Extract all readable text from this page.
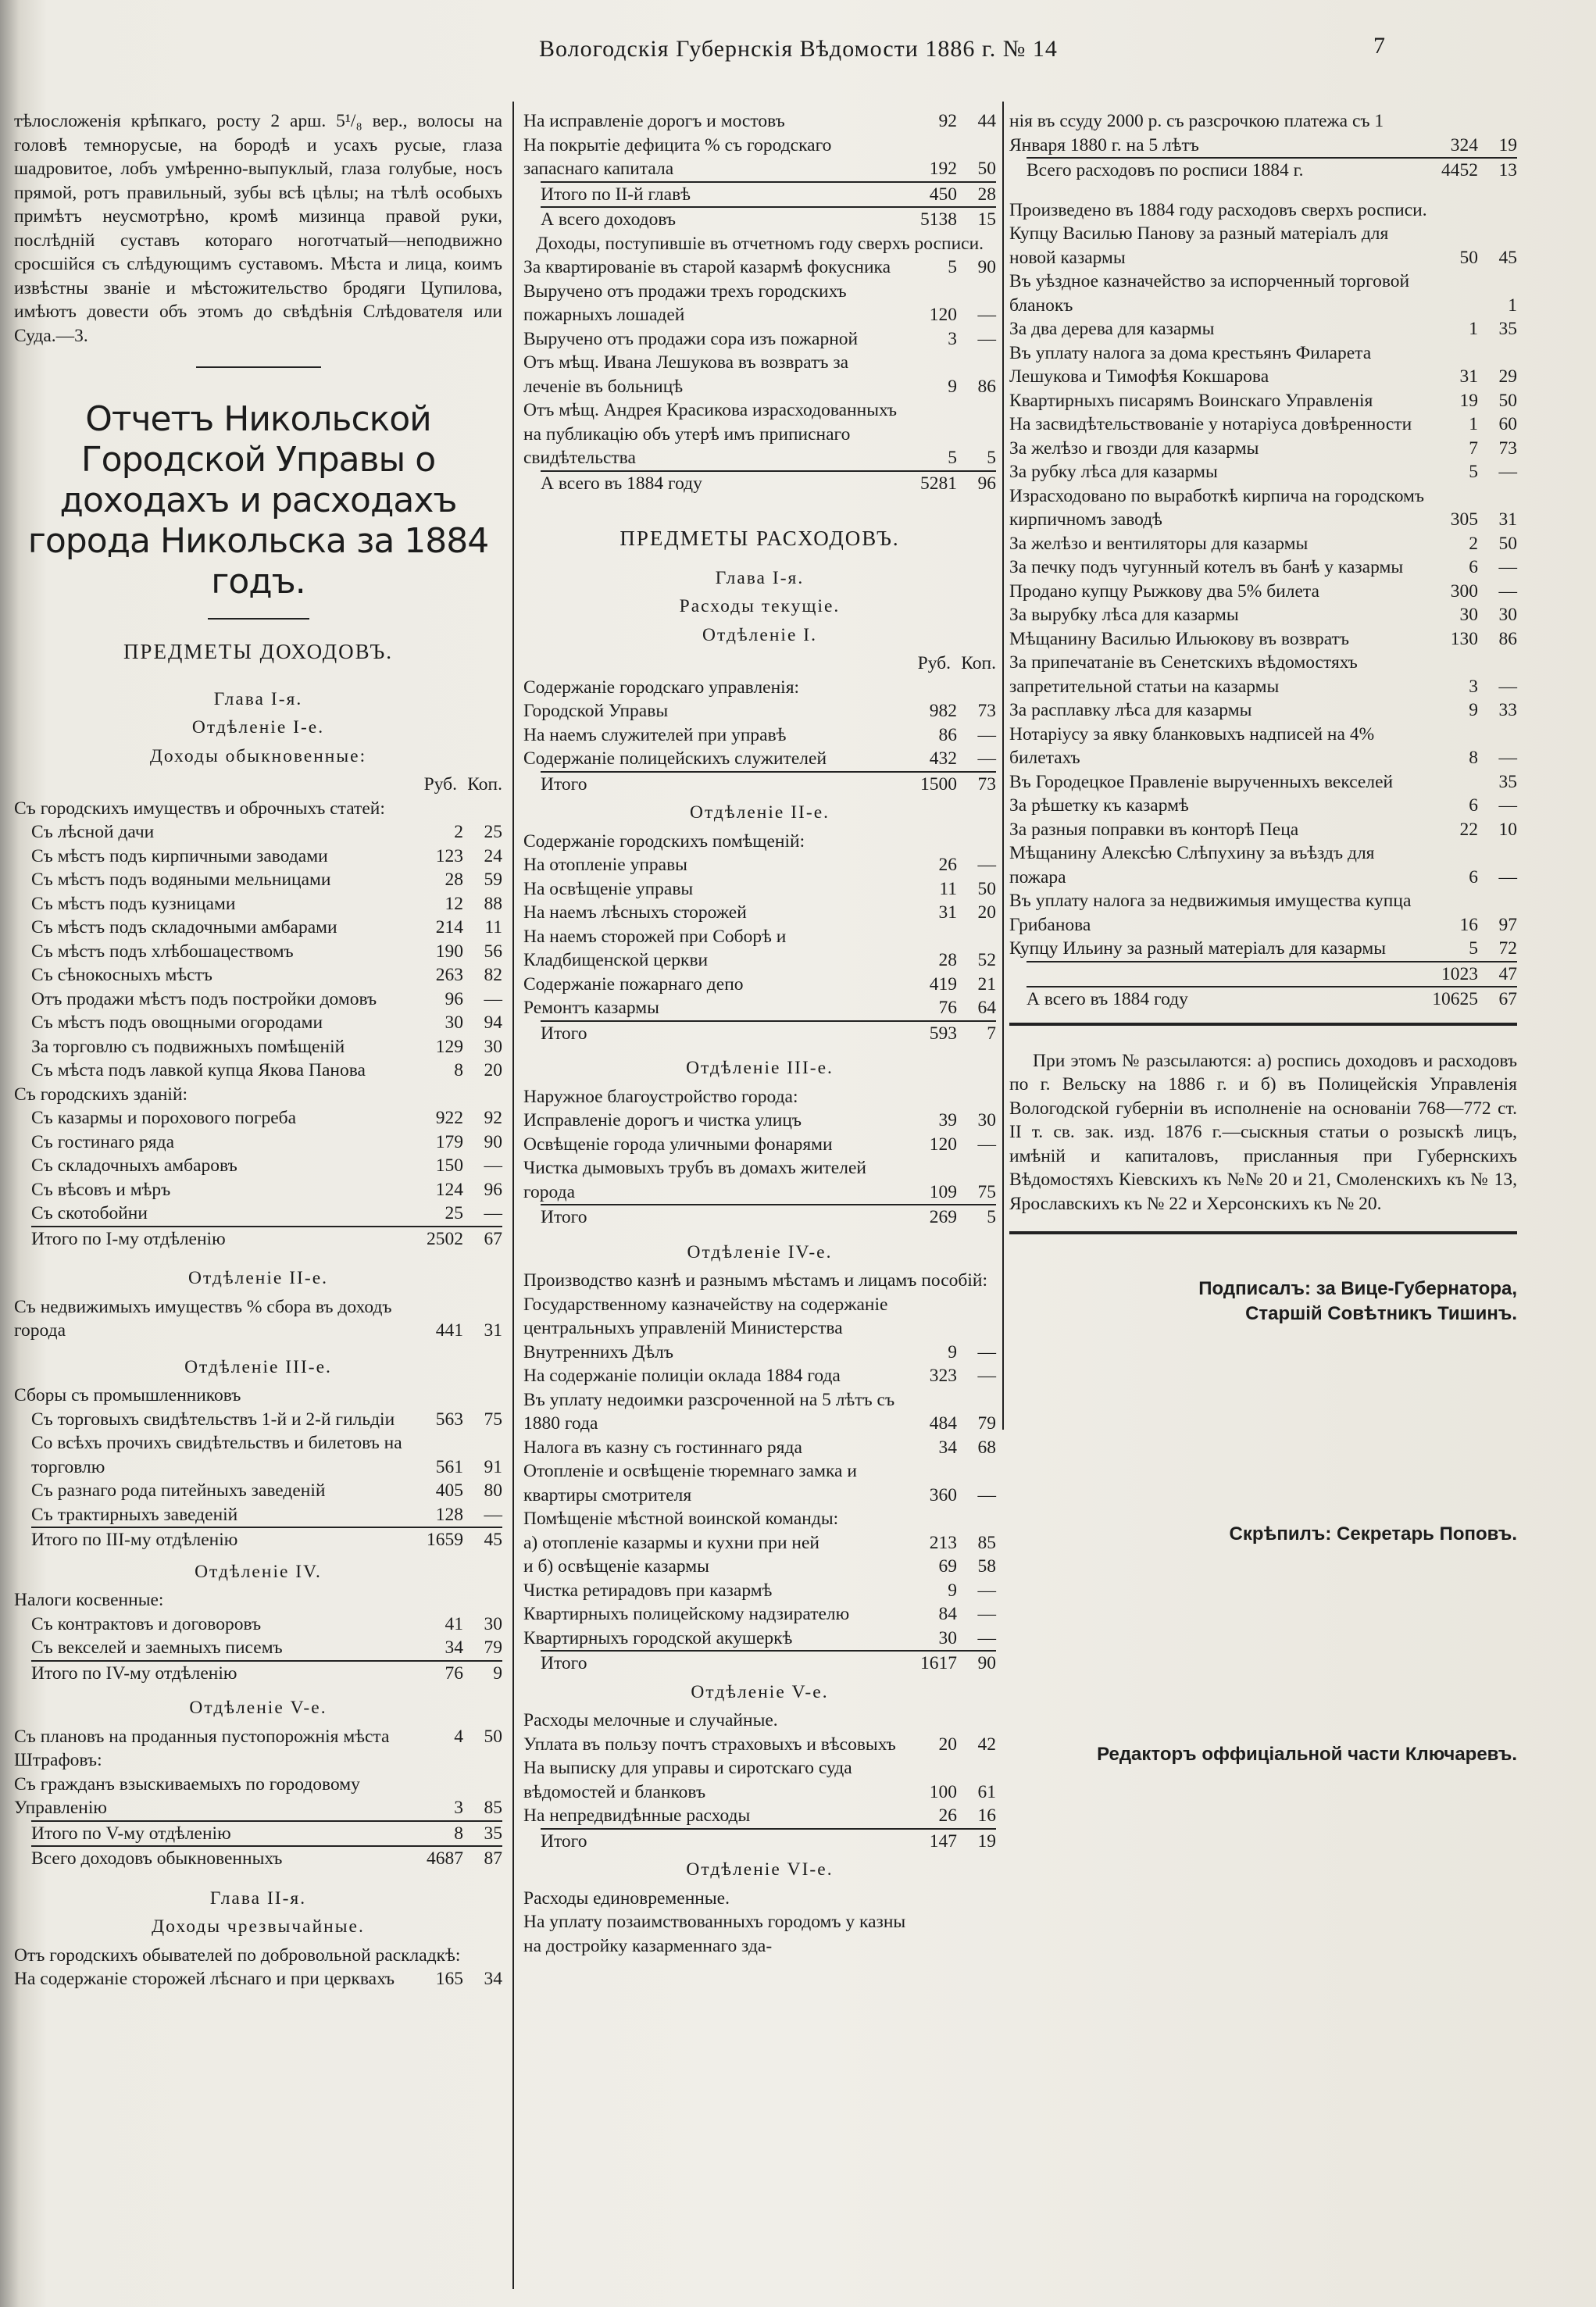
Вологодскія Губернскія Вѣдомости 1886 г. № 14	7

тѣлосложенія крѣпкаго, росту 2 арш. 5¹/₈ вер., волосы на головѣ темнорусые, на бородѣ и усахъ русые, глаза шадровитое, лобъ умѣренно-выпуклый, глаза голубые, носъ прямой, ротъ правильный, зубы всѣ цѣлы; на тѣлѣ особыхъ примѣтъ неусмотрѣно, кромѣ мизинца правой руки, послѣдній суставъ котораго ноготчатый—неподвижно сросшійся съ слѣдующимъ суставомъ. Мѣста и лица, коимъ извѣстны званіе и мѣстожительство бродяги Цупилова, имѣютъ довести объ этомъ до свѣдѣнія Слѣдователя или Суда.—3.

Отчетъ Никольской Городской Управы о доходахъ и расходахъ города Никольска за 1884 годъ.
ПРЕДМЕТЫ ДОХОДОВЪ.
Глава I-я.
Отдѣленіе I-е.
Доходы обыкновенные:
Руб. Коп.
Съ городскихъ имуществъ и оброчныхъ статей:
Съ лѣсной дачи	2	25
Съ мѣстъ подъ кирпичными заводами	123	24
Съ мѣстъ подъ водяными мельницами	28	59
Съ мѣстъ подъ кузницами	12	88
Съ мѣстъ подъ складочными амбарами	214	11
Съ мѣстъ подъ хлѣбошацествомъ	190	56
Съ сѣнокосныхъ мѣстъ	263	82
Отъ продажи мѣстъ подъ постройки домовъ	96	—
Съ мѣстъ подъ овощными огородами	30	94
За торговлю съ подвижныхъ помѣщеній	129	30
Съ мѣста подъ лавкой купца Якова Панова	8	20
Съ городскихъ зданій:
Съ казармы и порохового погреба	922	92
Съ гостинаго ряда	179	90
Съ складочныхъ амбаровъ	150	—
Съ вѣсовъ и мѣръ	124	96
Съ скотобойни	25	—
Итого по I-му отдѣленію	2502	67
Отдѣленіе II-е.
Съ недвижимыхъ имуществъ % сбора въ доходъ города	441	31
Отдѣленіе III-е.
Сборы съ промышленниковъ
Съ торговыхъ свидѣтельствъ 1-й и 2-й гильдіи	563	75
Со всѣхъ прочихъ свидѣтельствъ и билетовъ на торговлю	561	91
Съ разнаго рода питейныхъ заведеній	405	80
Съ трактирныхъ заведеній	128	—
Итого по III-му отдѣленію	1659	45
Отдѣленіе IV.
Налоги косвенные:
Съ контрактовъ и договоровъ	41	30
Съ векселей и заемныхъ писемъ	34	79
Итого по IV-му отдѣленію	76	9
Отдѣленіе V-е.
Съ плановъ на проданныя пустопорожнія мѣста	4	50
Штрафовъ:
Съ гражданъ взыскиваемыхъ по городовому Управленію	3	85
Итого по V-му отдѣленію	8	35
Всего доходовъ обыкновенныхъ	4687	87
Глава II-я.
Доходы чрезвычайные.
Отъ городскихъ обывателей по добровольной раскладкѣ:
На содержаніе сторожей лѣснаго и при церквахъ	165	34
На исправленіе дорогъ и мостовъ	92	44
На покрытіе дефицита % съ городскаго запаснаго капитала	192	50
Итого по II-й главѣ	450	28
А всего доходовъ	5138	15
Доходы, поступившіе въ отчетномъ году сверхъ росписи.
За квартированіе въ старой казармѣ фокусника	5	90
Выручено отъ продажи трехъ городскихъ пожарныхъ лошадей	120	—
Выручено отъ продажи сора изъ пожарной	3	—
Отъ мѣщ. Ивана Лешукова въ возвратъ за леченіе въ больницѣ	9	86
Отъ мѣщ. Андрея Красикова израсходованныхъ на публикацію объ утерѣ имъ приписнаго свидѣтельства	5	5
А всего въ 1884 году	5281	96
ПРЕДМЕТЫ РАСХОДОВЪ.
Глава I-я.
Расходы текущіе.
Отдѣленіе I.
Руб. Коп.
Содержаніе городскаго управленія:
Городской Управы	982	73
На наемъ служителей при управѣ	86	—
Содержаніе полицейскихъ служителей	432	—
Итого	1500	73
Отдѣленіе II-е.
Содержаніе городскихъ помѣщеній:
На отопленіе управы	26	—
На освѣщеніе управы	11	50
На наемъ лѣсныхъ сторожей	31	20
На наемъ сторожей при Соборѣ и Кладбищенской церкви	28	52
Содержаніе пожарнаго депо	419	21
Ремонтъ казармы	76	64
Итого	593	7
Отдѣленіе III-е.
Наружное благоустройство города:
Исправленіе дорогъ и чистка улицъ	39	30
Освѣщеніе города уличными фонарями	120	—
Чистка дымовыхъ трубъ въ домахъ жителей города	109	75
Итого	269	5
Отдѣленіе IV-е.
Производство казнѣ и разнымъ мѣстамъ и лицамъ пособій:
Государственному казначейству на содержаніе центральныхъ управленій Министерства Внутреннихъ Дѣлъ	9	—
На содержаніе полиціи оклада 1884 года	323	—
Въ уплату недоимки разсроченной на 5 лѣтъ съ 1880 года	484	79
Налога въ казну съ гостиннаго ряда	34	68
Отопленіе и освѣщеніе тюремнаго замка и квартиры смотрителя	360	—
Помѣщеніе мѣстной воинской команды:
а) отопленіе казармы и кухни при ней	213	85
и б) освѣщеніе казармы	69	58
Чистка ретирадовъ при казармѣ	9	—
Квартирныхъ полицейскому надзирателю	84	—
Квартирныхъ городской акушеркѣ	30	—
Итого	1617	90
Отдѣленіе V-е.
Расходы мелочные и случайные.
Уплата въ пользу почтъ страховыхъ и вѣсовыхъ	20	42
На выписку для управы и сиротскаго суда вѣдомостей и бланковъ	100	61
На непредвидѣнные расходы	26	16
Итого	147	19
Отдѣленіе VI-е.
Расходы единовременные.
На уплату позаимствованныхъ городомъ у казны на достройку казарменнаго зда-
нія въ ссуду 2000 р. съ разсрочкою платежа съ 1 Января 1880 г. на 5 лѣтъ	324	19
Всего расходовъ по росписи 1884 г.	4452	13
Произведено въ 1884 году расходовъ сверхъ росписи.
Купцу Василью Панову за разный матеріалъ для новой казармы	50	45
Въ уѣздное казначейство за испорченный торговой бланокъ	1
За два дерева для казармы	1	35
Въ уплату налога за дома крестьянъ Филарета Лешукова и Тимофѣя Кокшарова	31	29
Квартирныхъ писарямъ Воинскаго Управленія	19	50
На засвидѣтельствованіе у нотаріуса довѣренности	1	60
За желѣзо и гвозди для казармы	7	73
За рубку лѣса для казармы	5	—
Израсходовано по выработкѣ кирпича на городскомъ кирпичномъ заводѣ	305	31
За желѣзо и вентиляторы для казармы	2	50
За печку подъ чугунный котелъ въ банѣ у казармы	6	—
Продано купцу Рыжкову два 5% билета	300	—
За вырубку лѣса для казармы	30	30
Мѣщанину Василью Ильюкову въ возвратъ	130	86
За припечатаніе въ Сенетскихъ вѣдомостяхъ запретительной статьи на казармы	3	—
За расплавку лѣса для казармы	9	33
Нотаріусу за явку бланковыхъ надписей на 4% билетахъ	8	—
Въ Городецкое Правленіе вырученныхъ векселей	35
За рѣшетку къ казармѣ	6	—
За разныя поправки въ конторѣ Пеца	22	10
Мѣщанину Алексѣю Слѣпухину за въѣздъ для пожара	6	—
Въ уплату налога за недвижимыя имущества купца Грибанова	16	97
Купцу Ильину за разный матеріалъ для казармы	5	72
1023	47
А всего въ 1884 году	10625	67

При этомъ № разсылаются: а) роспись доходовъ и расходовъ по г. Вельску на 1886 г. и б) въ Полицейскія Управленія Вологодской губерніи въ исполненіе на основаніи 768—772 ст. II т. св. зак. изд. 1876 г.—сыскныя статьи о розыскѣ лицъ, имѣній и капиталовъ, присланныя при Губернскихъ Вѣдомостяхъ Кіевскихъ къ №№ 20 и 21, Смоленскихъ къ № 13, Ярославскихъ къ № 22 и Херсонскихъ къ № 20.

Подписалъ: за Вице-Губернатора,
Старшій Совѣтникъ Тишинъ.
Скрѣпилъ: Секретарь Поповъ.
Редакторъ оффиціальной части Ключаревъ.
